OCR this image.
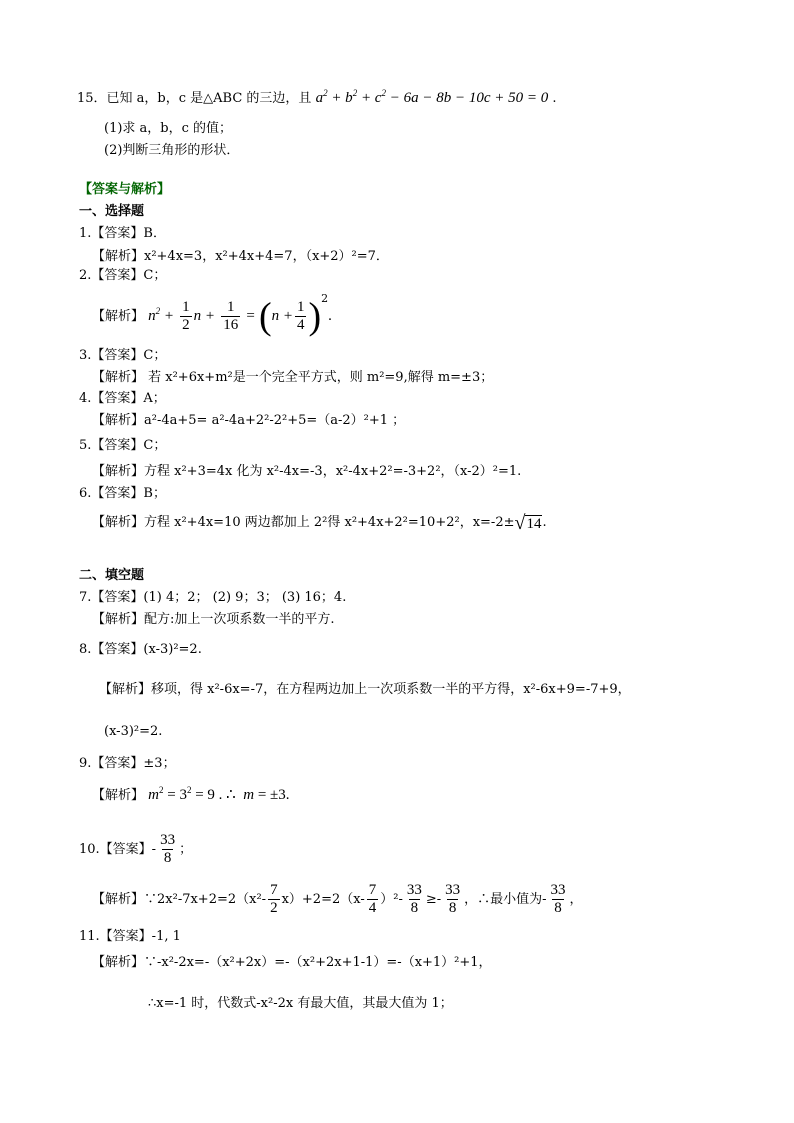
15．已知 a，b，c 是△ABC 的三边，且 $a^2 + b^2 + c^2 - 6a - 8b - 10c + 50 = 0$ .
(1)求 a，b，c 的值；
(2)判断三角形的形状．
【答案与解析】
一、选择题
1.【答案】B．
【解析】x²+4x=3，x²+4x+4=7，（x+2）²=7．
2.【答案】C；
【解析】 $n^2 + \frac{1}{2}$ $n + \frac{1}{16} = (n + \frac{1}{4} )^2$.
3.【答案】C；
【解析】 若 x²+6x+m²是一个完全平方式，则 m²=9,解得 m=±3；
4.【答案】A；
【解析】a²-4a+5= a²-4a+2²-2²+5=（a-2）²+1 ；
5.【答案】C；
【解析】方程 x²+3=4x 化为 x²-4x=-3，x²-4x+2²=-3+2²，（x-2）²=1.
6.【答案】B；
【解析】方程 x²+4x=10 两边都加上 2²得 x²+4x+2²=10+2²，x=-2± √ 14 .
二、填空题
7.【答案】(1) 4；2； (2) 9；3； (3) 16；4.
【解析】配方:加上一次项系数一半的平方.
8.【答案】(x-3)²=2.
【解析】移项，得 x²-6x=-7，在方程两边加上一次项系数一半的平方得，x²-6x+9=-7+9，
(x-3)²=2.
9.【答案】±3；
【解析】 $m^2 = 3^2 = 9$ . ∴  m = ±3.
10.【答案】- $\frac{33}{8}$ ；
【解析】∵2x²-7x+2=2（x²- $\frac{7}{2} x)+2=2(x- \frac{7}{4} )^2- \frac{33}{8} \ge- \frac{33}{8}$ ，∴最小值为- $\frac{33}{8}$ ，
11.【答案】-1, 1
【解析】∵-x²-2x=-（x²+2x）=-（x²+2x+1-1）=-（x+1）²+1，
∴x=-1 时，代数式-x²-2x 有最大值，其最大值为 1；
